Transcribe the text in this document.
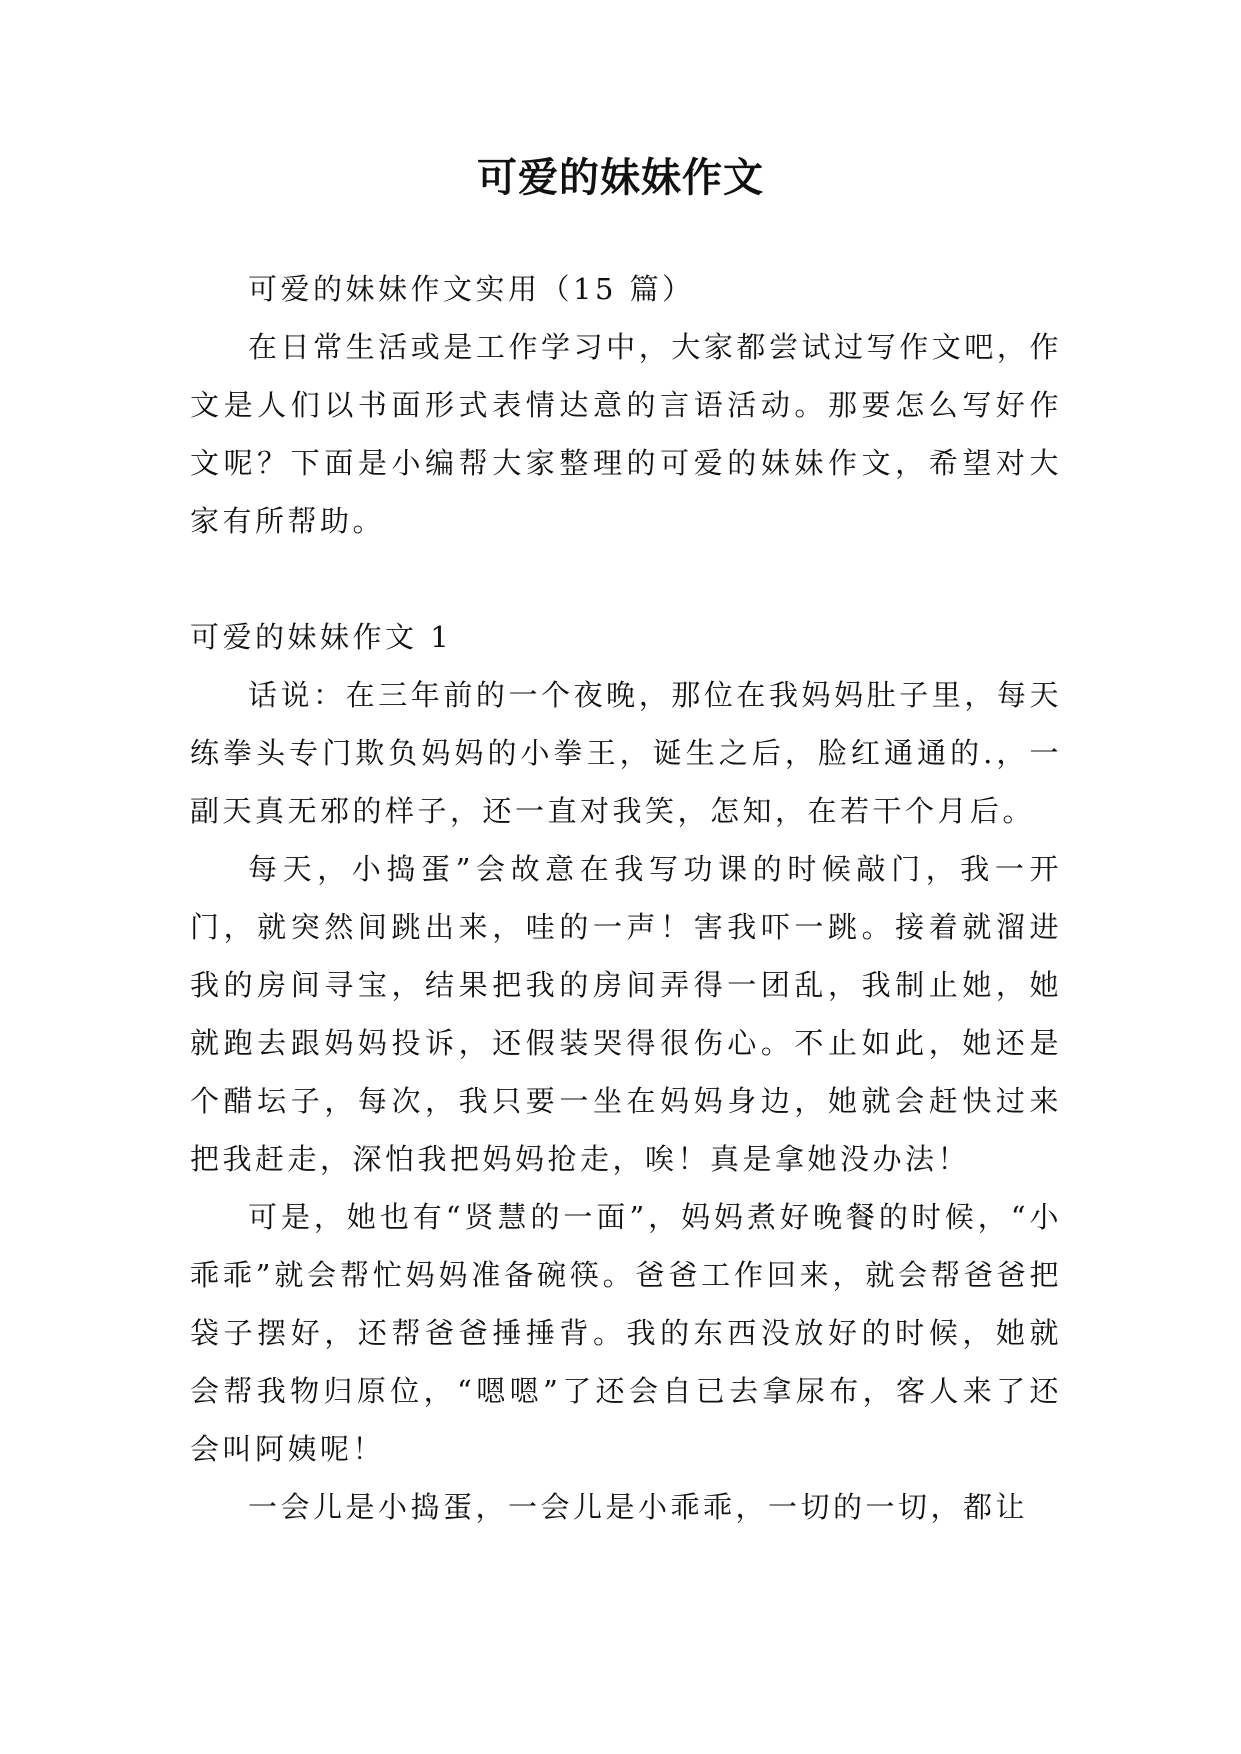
可爱的妹妹作文

可爱的妹妹作文实用（15 篇）

在日常生活或是工作学习中，大家都尝试过写作文吧，作文是人们以书面形式表情达意的言语活动。那要怎么写好作文呢？下面是小编帮大家整理的可爱的妹妹作文，希望对大家有所帮助。

可爱的妹妹作文 1

话说：在三年前的一个夜晚，那位在我妈妈肚子里，每天练拳头专门欺负妈妈的小拳王，诞生之后，脸红通通的.，一副天真无邪的样子，还一直对我笑，怎知，在若干个月后。

每天，小捣蛋”会故意在我写功课的时候敲门，我一开门，就突然间跳出来，哇的一声！害我吓一跳。接着就溜进我的房间寻宝，结果把我的房间弄得一团乱，我制止她，她就跑去跟妈妈投诉，还假装哭得很伤心。不止如此，她还是个醋坛子，每次，我只要一坐在妈妈身边，她就会赶快过来把我赶走，深怕我把妈妈抢走，唉！真是拿她没办法！

可是，她也有“贤慧的一面”，妈妈煮好晚餐的时候，“小乖乖”就会帮忙妈妈准备碗筷。爸爸工作回来，就会帮爸爸把袋子摆好，还帮爸爸捶捶背。我的东西没放好的时候，她就会帮我物归原位，“嗯嗯”了还会自已去拿尿布，客人来了还会叫阿姨呢！

一会儿是小捣蛋，一会儿是小乖乖，一切的一切，都让
